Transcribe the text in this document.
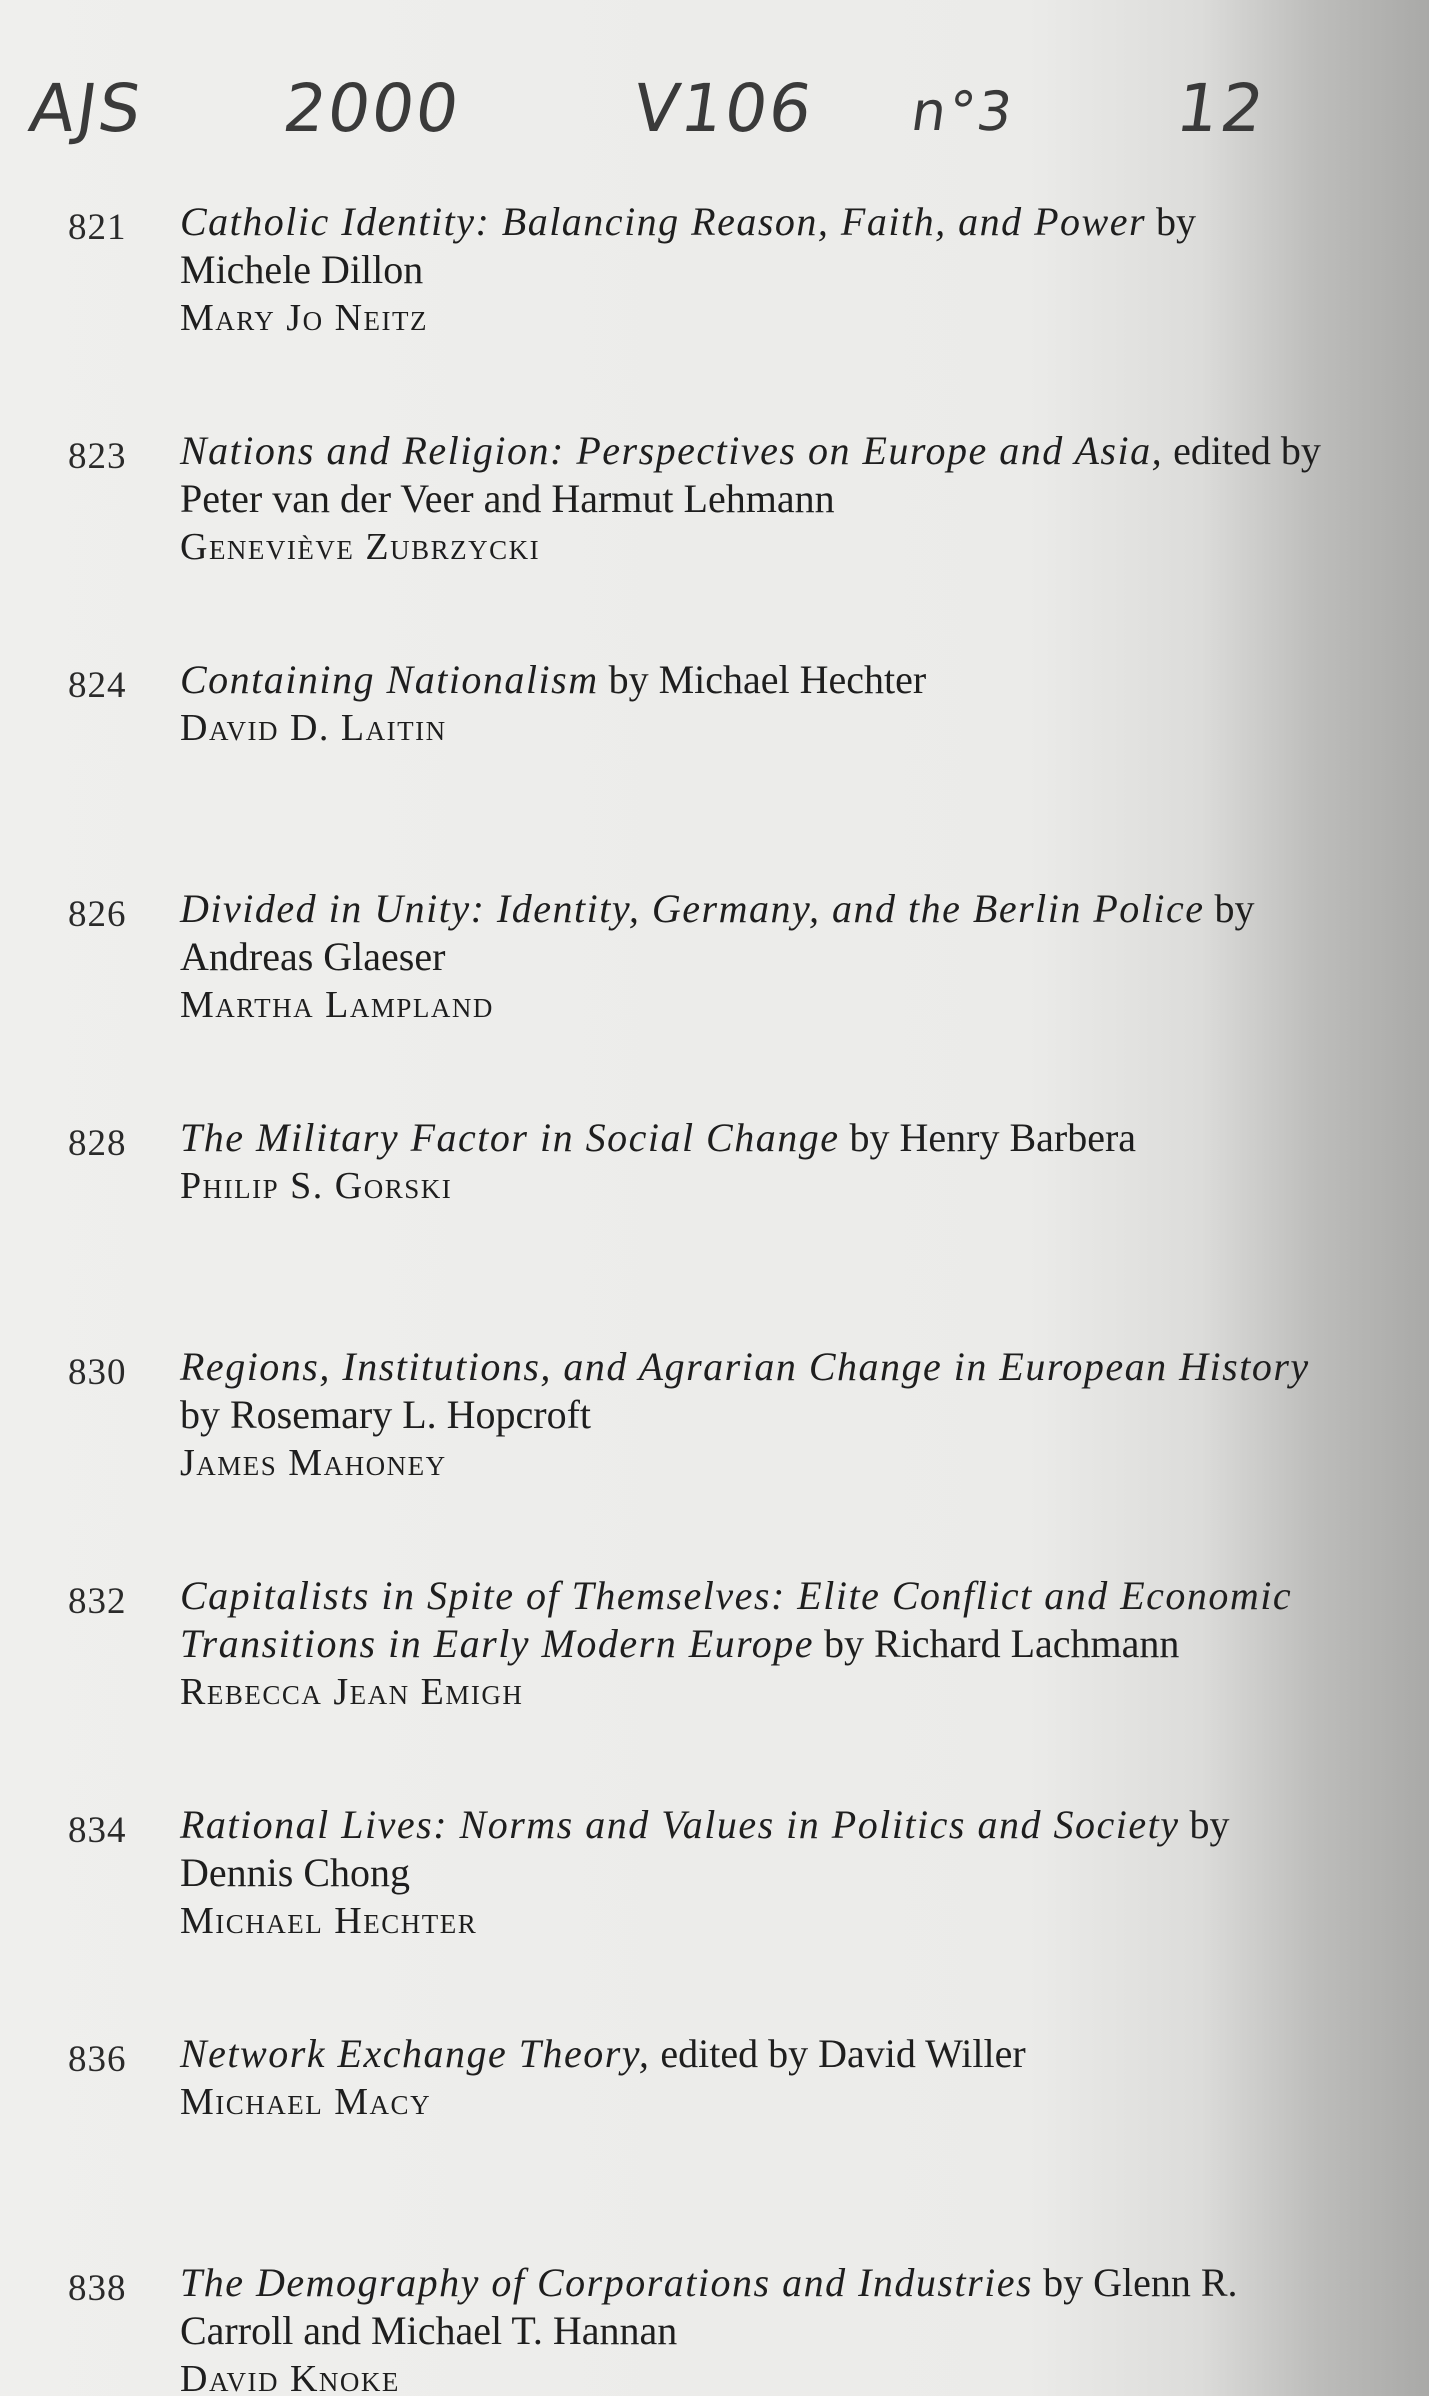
AJS 2000 V106 n°3 12
821 Catholic Identity: Balancing Reason, Faith, and Power by Michele Dillon
Mary Jo Neitz
823 Nations and Religion: Perspectives on Europe and Asia, edited by Peter van der Veer and Harmut Lehmann
Geneviève Zubrzycki
824 Containing Nationalism by Michael Hechter
David D. Laitin
826 Divided in Unity: Identity, Germany, and the Berlin Police by Andreas Glaeser
Martha Lampland
828 The Military Factor in Social Change by Henry Barbera
Philip S. Gorski
830 Regions, Institutions, and Agrarian Change in European History by Rosemary L. Hopcroft
James Mahoney
832 Capitalists in Spite of Themselves: Elite Conflict and Economic Transitions in Early Modern Europe by Richard Lachmann
Rebecca Jean Emigh
834 Rational Lives: Norms and Values in Politics and Society by Dennis Chong
Michael Hechter
836 Network Exchange Theory, edited by David Willer
Michael Macy
838 The Demography of Corporations and Industries by Glenn R. Carroll and Michael T. Hannan
David Knoke
